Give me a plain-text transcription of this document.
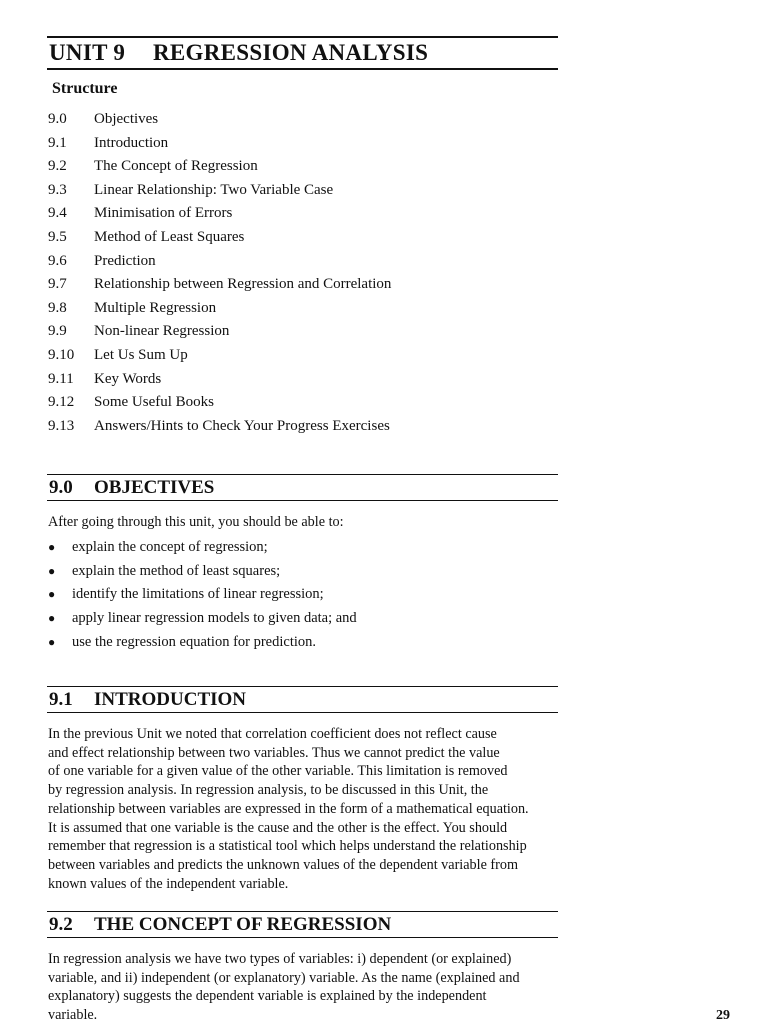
UNIT 9 REGRESSION ANALYSIS
Structure
9.0 Objectives
9.1 Introduction
9.2 The Concept of Regression
9.3 Linear Relationship: Two Variable Case
9.4 Minimisation of Errors
9.5 Method of Least Squares
9.6 Prediction
9.7 Relationship between Regression and Correlation
9.8 Multiple Regression
9.9 Non-linear Regression
9.10 Let Us Sum Up
9.11 Key Words
9.12 Some Useful Books
9.13 Answers/Hints to Check Your Progress Exercises
9.0 OBJECTIVES

After going through this unit, you should be able to:

● explain the concept of regression;
● explain the method of least squares;
● identify the limitations of linear regression;
● apply linear regression models to given data; and
● use the regression equation for prediction.
9.1 INTRODUCTION
In the previous Unit we noted that correlation coefficient does not reflect cause
and effect relationship between two variables. Thus we cannot predict the value
of one variable for a given value of the other variable. This limitation is removed
by regression analysis. In regression analysis, to be discussed in this Unit, the
relationship between variables are expressed in the form of a mathematical equation.
It is assumed that one variable is the cause and the other is the effect. You should
remember that regression is a statistical tool which helps understand the relationship
between variables and predicts the unknown values of the dependent variable from
known values of the independent variable.
9.2 THE CONCEPT OF REGRESSION
In regression analysis we have two types of variables: i) dependent (or explained)
variable, and ii) independent (or explanatory) variable. As the name (explained and
explanatory) suggests the dependent variable is explained by the independent
variable.	29
